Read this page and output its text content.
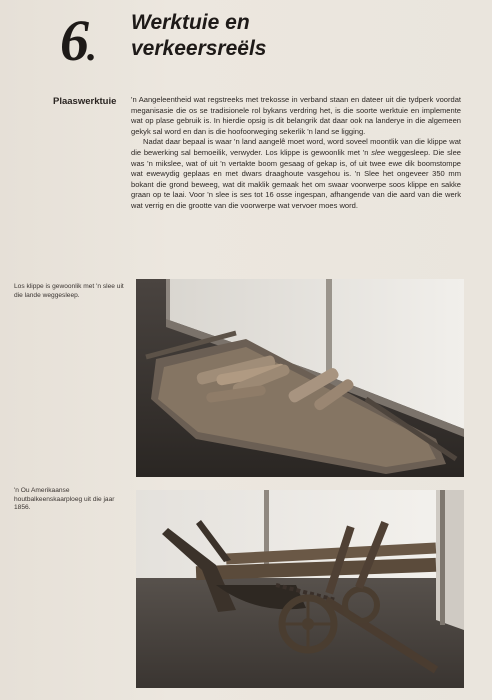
6.
Werktuie en
verkeersreëls
Plaaswerktuie 'n Aangeleentheid wat regstreeks met trekosse in verband staan en dateer uit die tydperk voordat meganisasie die os se tradisionele rol bykans verdring het, is die soorte werktuie en implemente wat op plase gebruik is. In hierdie opsig is dit belangrik dat daar ook na landerye in die algemeen gekyk sal word en dan is die hoofoorweging sekerlik 'n land se ligging.

Nadat daar bepaal is waar 'n land aangelê moet word, word soveel moontlik van die klippe wat die bewerking sal bemoeilik, verwyder. Los klippe is gewoonlik met 'n slee weggesleep. Die slee was 'n mikslee, wat of uit 'n vertakte boom gesaag of gekap is, of uit twee ewe dik boomstompe wat ewewydig geplaas en met dwars draaghoute vasgehou is. 'n Slee het ongeveer 350 mm bokant die grond beweeg, wat dit maklik gemaak het om swaar voorwerpe soos klippe en sakke graan op te laai. Voor 'n slee is ses tot 16 osse ingespan, afhangende van die aard van die werk wat verrig en die grootte van die voorwerpe wat vervoer moes word.

Los klippe is gewoonlik met 'n slee uit die lande weggesleep.
'n Ou Amerikaanse houtbalkeenskaarploeg uit die jaar 1856.
